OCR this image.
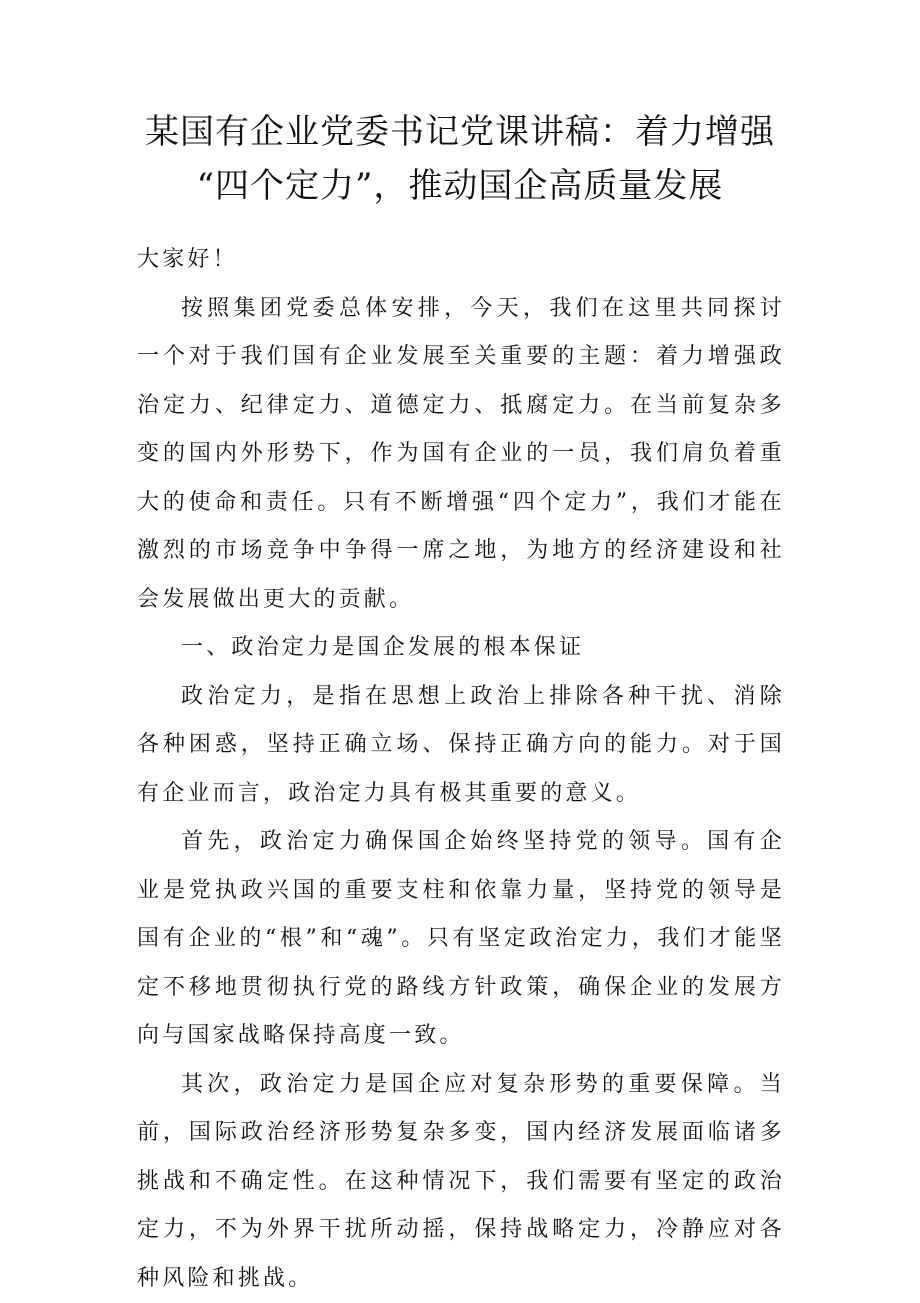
某国有企业党委书记党课讲稿：着力增强
“四个定力”，推动国企高质量发展

大家好！

按照集团党委总体安排，今天，我们在这里共同探讨一个对于我们国有企业发展至关重要的主题：着力增强政治定力、纪律定力、道德定力、抵腐定力。在当前复杂多变的国内外形势下，作为国有企业的一员，我们肩负着重大的使命和责任。只有不断增强“四个定力”，我们才能在激烈的市场竞争中争得一席之地，为地方的经济建设和社会发展做出更大的贡献。

一、政治定力是国企发展的根本保证

政治定力，是指在思想上政治上排除各种干扰、消除各种困惑，坚持正确立场、保持正确方向的能力。对于国有企业而言，政治定力具有极其重要的意义。

首先，政治定力确保国企始终坚持党的领导。国有企业是党执政兴国的重要支柱和依靠力量，坚持党的领导是国有企业的“根”和“魂”。只有坚定政治定力，我们才能坚定不移地贯彻执行党的路线方针政策，确保企业的发展方向与国家战略保持高度一致。

其次，政治定力是国企应对复杂形势的重要保障。当前，国际政治经济形势复杂多变，国内经济发展面临诸多挑战和不确定性。在这种情况下，我们需要有坚定的政治定力，不为外界干扰所动摇，保持战略定力，冷静应对各种风险和挑战。
